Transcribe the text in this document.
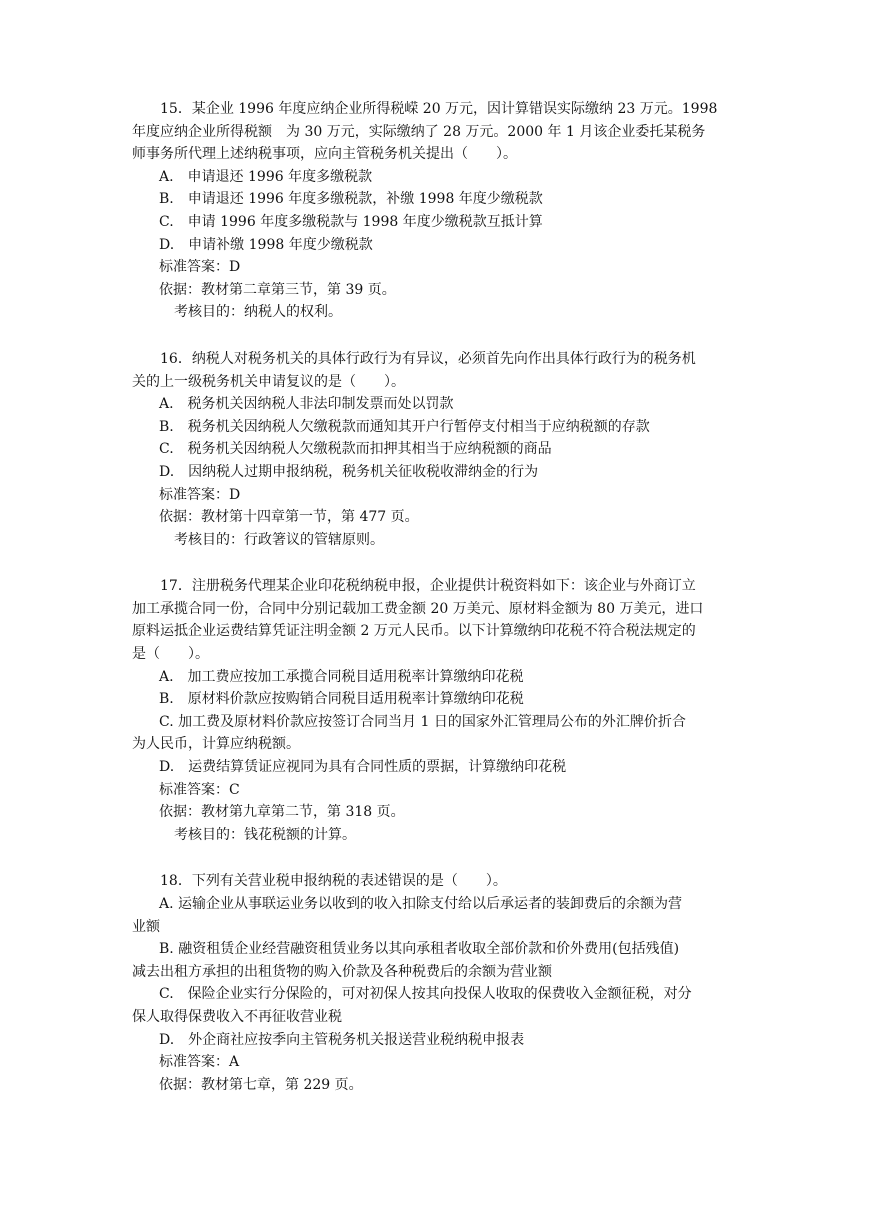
15．某企业 1996 年度应纳企业所得税嵘 20 万元，因计算错误实际缴纳 23 万元。1998
年度应纳企业所得税额　为 30 万元，实际缴纳了 28 万元。2000 年 1 月该企业委托某税务
师事务所代理上述纳税事项，应向主管税务机关提出（　　）。
A.　申请退还 1996 年度多缴税款
B.　申请退还 1996 年度多缴税款，补缴 1998 年度少缴税款
C.　申请 1996 年度多缴税款与 1998 年度少缴税款互抵计算
D.　申请补缴 1998 年度少缴税款
标准答案：D
依据：教材第二章第三节，第 39 页。
考核目的：纳税人的权利。
16．纳税人对税务机关的具体行政行为有异议，必须首先向作出具体行政行为的税务机
关的上一级税务机关申请复议的是（　　）。
A.　税务机关因纳税人非法印制发票而处以罚款
B.　税务机关因纳税人欠缴税款而通知其开户行暂停支付相当于应纳税额的存款
C.　税务机关因纳税人欠缴税款而扣押其相当于应纳税额的商品
D.　因纳税人过期申报纳税，税务机关征收税收滞纳金的行为
标准答案：D
依据：教材第十四章第一节，第 477 页。
考核目的：行政箸议的管辖原则。
17．注册税务代理某企业印花税纳税申报，企业提供计税资料如下：该企业与外商订立
加工承揽合同一份，合同中分别记载加工费金额 20 万美元、原材料金额为 80 万美元，进口
原料运抵企业运费结算凭证注明金额 2 万元人民币。以下计算缴纳印花税不符合税法规定的
是（　　）。
A.　加工费应按加工承揽合同税目适用税率计算缴纳印花税
B.　原材料价款应按购销合同税目适用税率计算缴纳印花税
C. 加工费及原材料价款应按签订合同当月 1 日的国家外汇管理局公布的外汇牌价折合
为人民币，计算应纳税额。
D.　运费结算赁证应视同为具有合同性质的票据，计算缴纳印花税
标准答案：C
依据：教材第九章第二节，第 318 页。
考核目的：钱花税额的计算。
18．下列有关营业税申报纳税的表述错误的是（　　）。
A. 运输企业从事联运业务以收到的收入扣除支付给以后承运者的装卸费后的余额为营
业额
B. 融资租赁企业经营融资租赁业务以其向承租者收取全部价款和价外费用(包括残值)
减去出租方承担的出租货物的购入价款及各种税费后的余额为营业额
C.　保险企业实行分保险的，可对初保人按其向投保人收取的保费收入金额征税，对分
保人取得保费收入不再征收营业税
D.　外企商社应按季向主管税务机关报送营业税纳税申报表
标准答案：A
依据：教材第七章，第 229 页。
